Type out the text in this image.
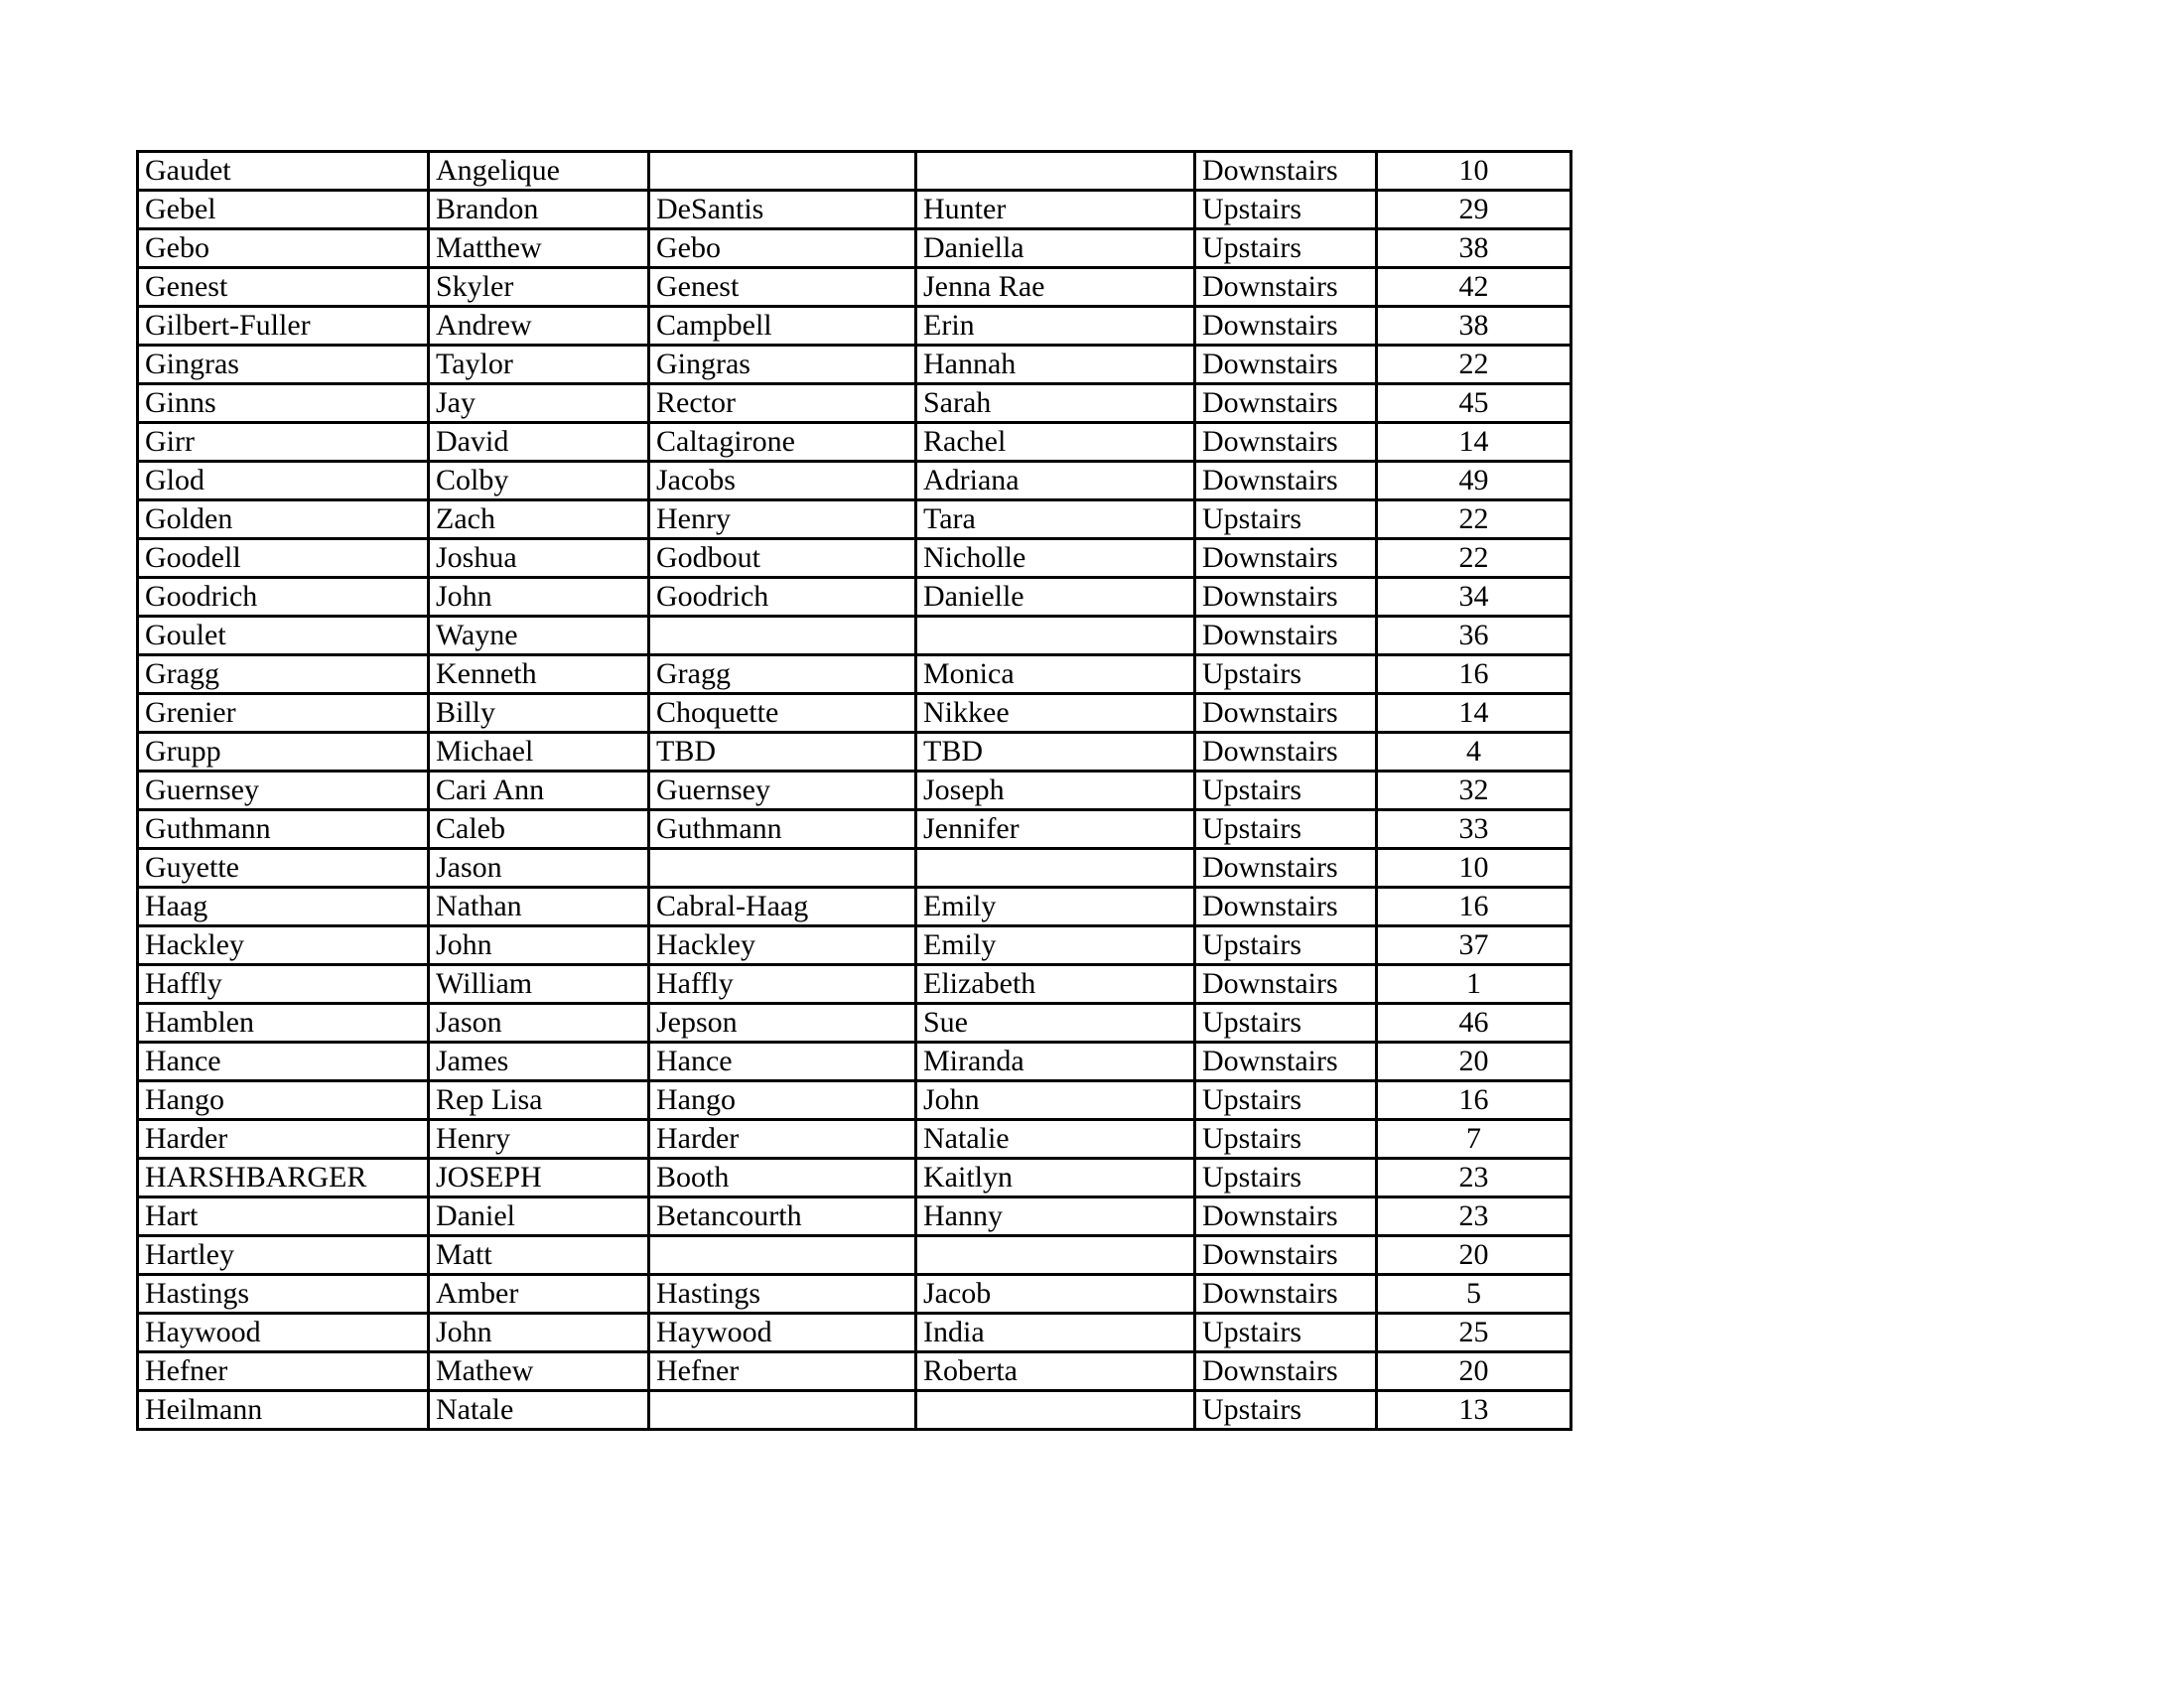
Gaudet	Angelique			Downstairs	10
Gebel	Brandon	DeSantis	Hunter	Upstairs	29
Gebo	Matthew	Gebo	Daniella	Upstairs	38
Genest	Skyler	Genest	Jenna Rae	Downstairs	42
Gilbert-Fuller	Andrew	Campbell	Erin	Downstairs	38
Gingras	Taylor	Gingras	Hannah	Downstairs	22
Ginns	Jay	Rector	Sarah	Downstairs	45
Girr	David	Caltagirone	Rachel	Downstairs	14
Glod	Colby	Jacobs	Adriana	Downstairs	49
Golden	Zach	Henry	Tara	Upstairs	22
Goodell	Joshua	Godbout	Nicholle	Downstairs	22
Goodrich	John	Goodrich	Danielle	Downstairs	34
Goulet	Wayne			Downstairs	36
Gragg	Kenneth	Gragg	Monica	Upstairs	16
Grenier	Billy	Choquette	Nikkee	Downstairs	14
Grupp	Michael	TBD	TBD	Downstairs	4
Guernsey	Cari Ann	Guernsey	Joseph	Upstairs	32
Guthmann	Caleb	Guthmann	Jennifer	Upstairs	33
Guyette	Jason			Downstairs	10
Haag	Nathan	Cabral-Haag	Emily	Downstairs	16
Hackley	John	Hackley	Emily	Upstairs	37
Haffly	William	Haffly	Elizabeth	Downstairs	1
Hamblen	Jason	Jepson	Sue	Upstairs	46
Hance	James	Hance	Miranda	Downstairs	20
Hango	Rep Lisa	Hango	John	Upstairs	16
Harder	Henry	Harder	Natalie	Upstairs	7
HARSHBARGER	JOSEPH	Booth	Kaitlyn	Upstairs	23
Hart	Daniel	Betancourth	Hanny	Downstairs	23
Hartley	Matt			Downstairs	20
Hastings	Amber	Hastings	Jacob	Downstairs	5
Haywood	John	Haywood	India	Upstairs	25
Hefner	Mathew	Hefner	Roberta	Downstairs	20
Heilmann	Natale			Upstairs	13
